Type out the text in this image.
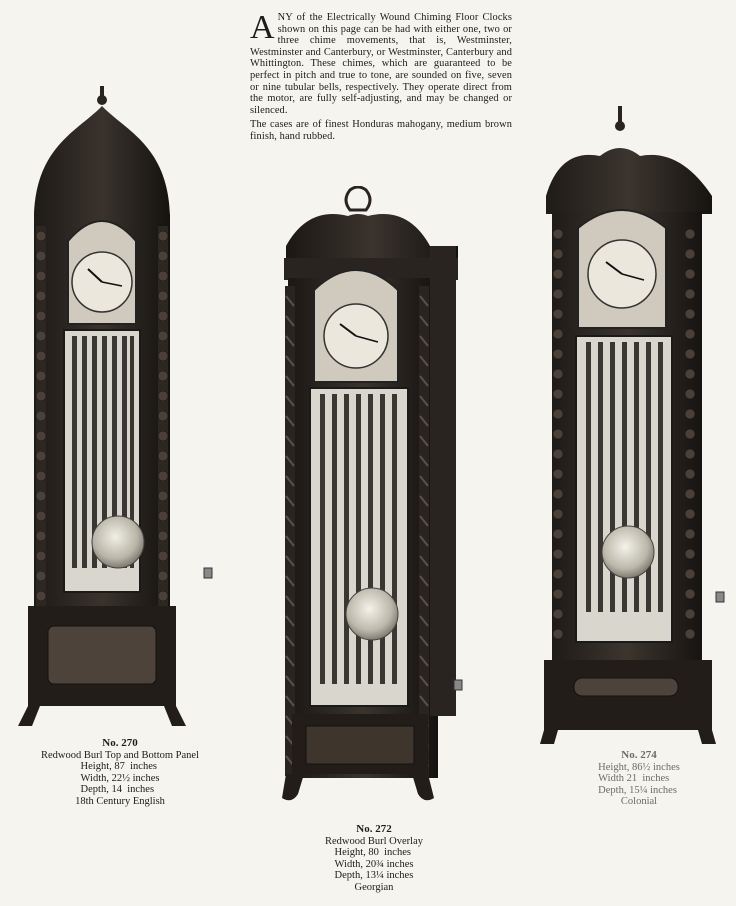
ANY of the Electrically Wound Chiming Floor Clocks shown on this page can be had with either one, two or three chime movements, that is, Westminster, Westminster and Canterbury, or Westminster, Canterbury and Whittington. These chimes, which are guaranteed to be perfect in pitch and true to tone, are sounded on five, seven or nine tubular bells, respectively. They operate direct from the motor, are fully self-adjusting, and may be changed or silenced.

The cases are of finest Honduras mahogany, medium brown finish, hand rubbed.

No. 270
Redwood Burl Top and Bottom Panel
Height, 87  inches
Width, 22½ inches
Depth, 14  inches
18th Century English
No. 272
Redwood Burl Overlay
Height, 80  inches
Width, 20¾ inches
Depth, 13¼ inches
Georgian
No. 274
Height, 86½ inches
Width 21  inches
Depth, 15¼ inches
Colonial
